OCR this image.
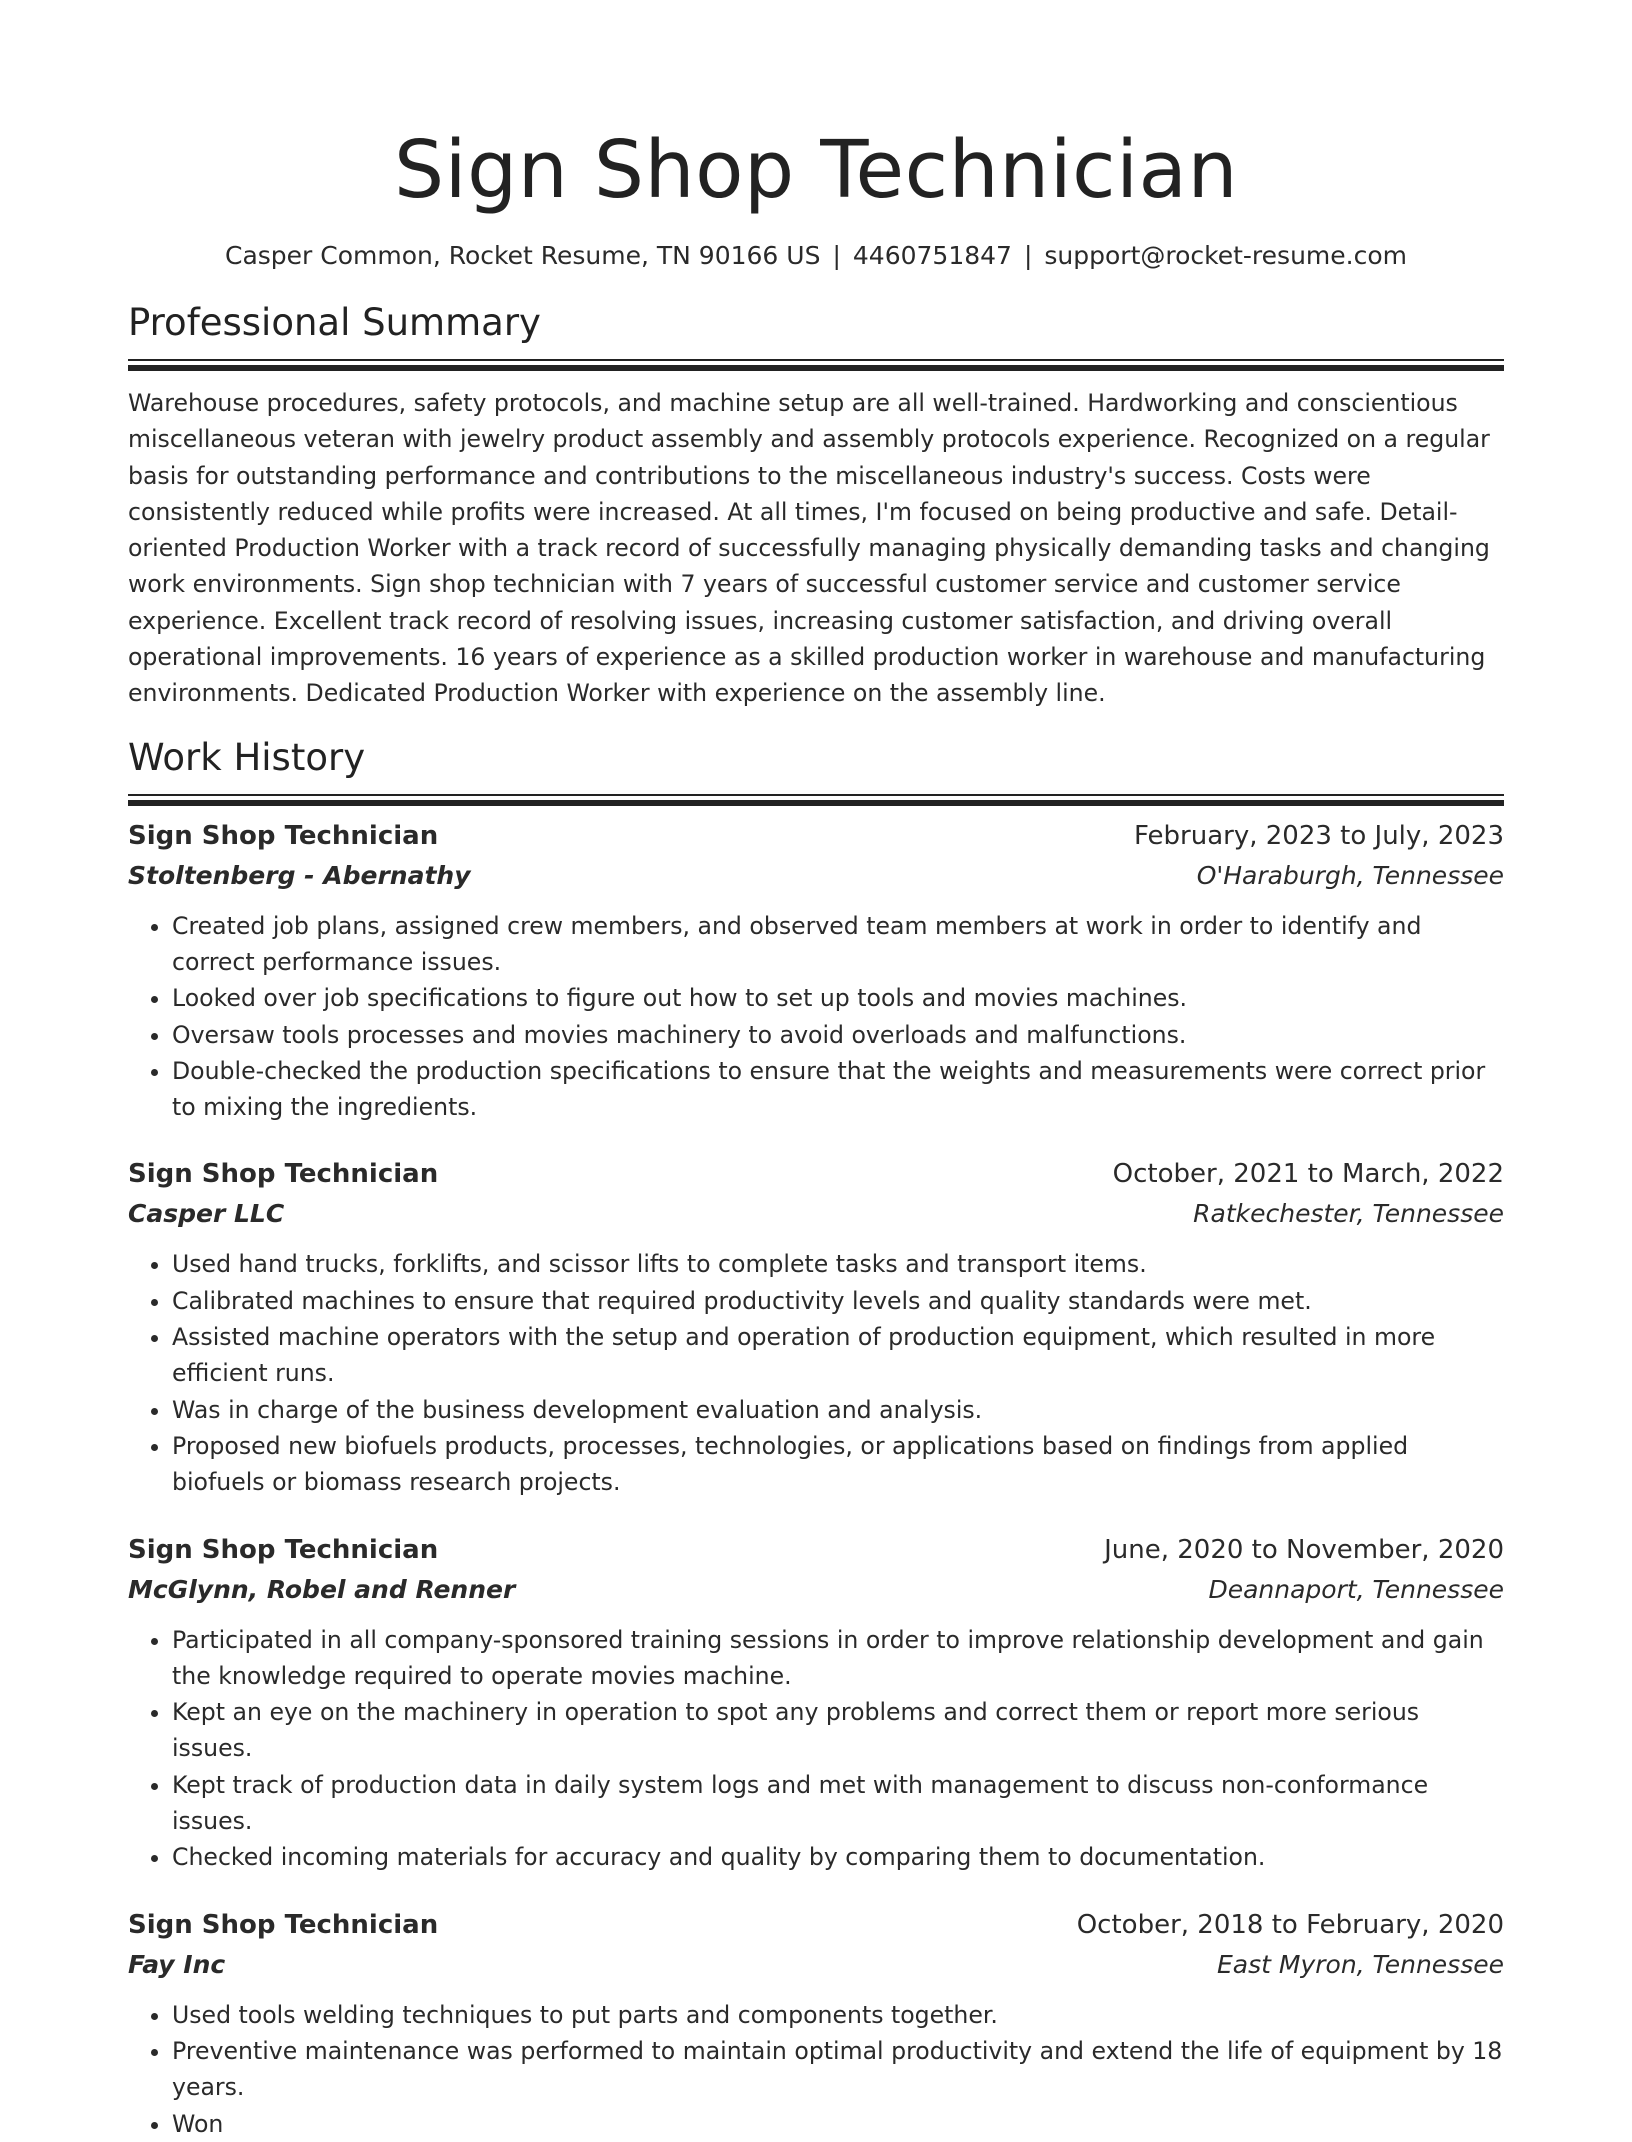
Sign Shop Technician
Casper Common, Rocket Resume, TN 90166 US | 4460751847 | support@rocket-resume.com
Professional Summary

Warehouse procedures, safety protocols, and machine setup are all well-trained. Hardworking and conscientious miscellaneous veteran with jewelry product assembly and assembly protocols experience. Recognized on a regular basis for outstanding performance and contributions to the miscellaneous industry's success. Costs were consistently reduced while profits were increased. At all times, I'm focused on being productive and safe. Detail-oriented Production Worker with a track record of successfully managing physically demanding tasks and changing work environments. Sign shop technician with 7 years of successful customer service and customer service experience. Excellent track record of resolving issues, increasing customer satisfaction, and driving overall operational improvements. 16 years of experience as a skilled production worker in warehouse and manufacturing environments. Dedicated Production Worker with experience on the assembly line.

Work History
Sign Shop Technician	February, 2023 to July, 2023
Stoltenberg - Abernathy	O'Haraburgh, Tennessee
• Created job plans, assigned crew members, and observed team members at work in order to identify and correct performance issues.
• Looked over job specifications to figure out how to set up tools and movies machines.
• Oversaw tools processes and movies machinery to avoid overloads and malfunctions.
• Double-checked the production specifications to ensure that the weights and measurements were correct prior to mixing the ingredients.
Sign Shop Technician	October, 2021 to March, 2022
Casper LLC	Ratkechester, Tennessee
• Used hand trucks, forklifts, and scissor lifts to complete tasks and transport items.
• Calibrated machines to ensure that required productivity levels and quality standards were met.
• Assisted machine operators with the setup and operation of production equipment, which resulted in more efficient runs.
• Was in charge of the business development evaluation and analysis.
• Proposed new biofuels products, processes, technologies, or applications based on findings from applied biofuels or biomass research projects.
Sign Shop Technician	June, 2020 to November, 2020
McGlynn, Robel and Renner	Deannaport, Tennessee
• Participated in all company-sponsored training sessions in order to improve relationship development and gain the knowledge required to operate movies machine.
• Kept an eye on the machinery in operation to spot any problems and correct them or report more serious issues.
• Kept track of production data in daily system logs and met with management to discuss non-conformance issues.
• Checked incoming materials for accuracy and quality by comparing them to documentation.
Sign Shop Technician	October, 2018 to February, 2020
Fay Inc	East Myron, Tennessee
• Used tools welding techniques to put parts and components together.
• Preventive maintenance was performed to maintain optimal productivity and extend the life of equipment by 18 years.
• Won
